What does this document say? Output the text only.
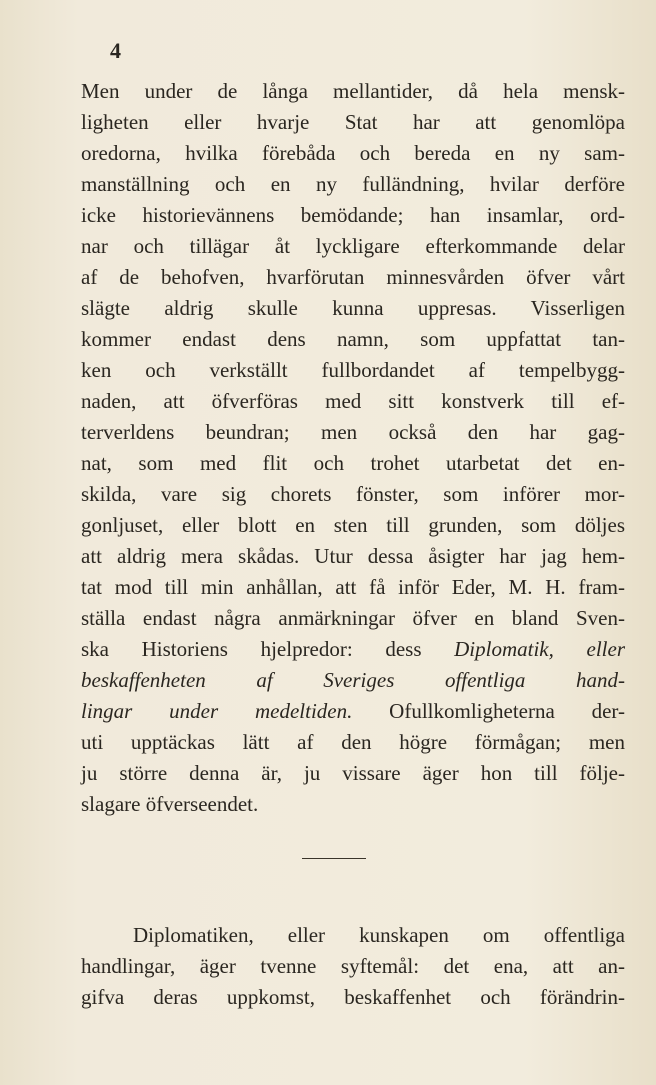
4
Men under de långa mellantider, då hela mensk-
ligheten eller hvarje Stat har att genomlöpa
oredorna, hvilka förebåda och bereda en ny sam-
manställning och en ny fulländning, hvilar derföre
icke historievännens bemödande; han insamlar, ord-
nar och tillägar åt lyckligare efterkommande delar
af de behofven, hvarförutan minnesvården öfver vårt
slägte aldrig skulle kunna uppresas. Visserligen
kommer endast dens namn, som uppfattat tan-
ken och verkställt fullbordandet af tempelbygg-
naden, att öfverföras med sitt konstverk till ef-
terverldens beundran; men också den har gag-
nat, som med flit och trohet utarbetat det en-
skilda, vare sig chorets fönster, som införer mor-
gonljuset, eller blott en sten till grunden, som döljes
att aldrig mera skådas. Utur dessa åsigter har jag hem-
tat mod till min anhållan, att få inför Eder, M. H. fram-
ställa endast några anmärkningar öfver en bland Sven-
ska Historiens hjelpredor: dess Diplomatik, eller
beskaffenheten af Sveriges offentliga hand-
lingar under medeltiden. Ofullkomligheterna der-
uti upptäckas lätt af den högre förmågan; men
ju större denna är, ju vissare äger hon till följe-
slagare öfverseendet.
Diplomatiken, eller kunskapen om offentliga
handlingar, äger tvenne syftemål: det ena, att an-
gifva deras uppkomst, beskaffenhet och förändrin-
